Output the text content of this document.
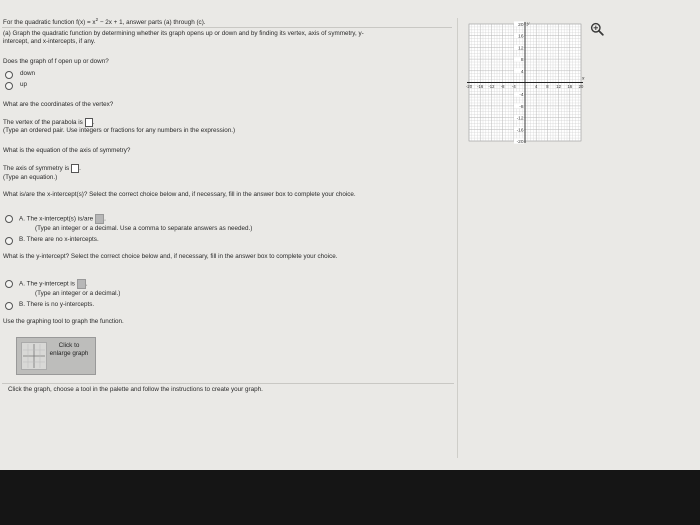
For the quadratic function $f(x) = x^2 - 2x + 1$, answer parts (a) through (c).
(a) Graph the quadratic function by determining whether its graph opens up or down and by finding its vertex, axis of symmetry, y-
intercept, and x-intercepts, if any.
Does the graph of f open up or down?
down
up
What are the coordinates of the vertex?
The vertex of the parabola is .
(Type an ordered pair. Use integers or fractions for any numbers in the expression.)
What is the equation of the axis of symmetry?
The axis of symmetry is .
(Type an equation.)
What is/are the x-intercept(s)? Select the correct choice below and, if necessary, fill in the answer box to complete your choice.
A. The x-intercept(s) is/are .
(Type an integer or a decimal. Use a comma to separate answers as needed.)
B. There are no x-intercepts.
What is the y-intercept? Select the correct choice below and, if necessary, fill in the answer box to complete your choice.
A. The y-intercept is .
(Type an integer or a decimal.)
B. There is no y-intercepts.
Use the graphing tool to graph the function.
Click to enlarge graph
Click the graph, choose a tool in the palette and follow the instructions to create your graph.
20
16
12
8
4
-4
-8
-12
-16
-20
-20 -16 -12 -8 -4	4 8 12 16 20
x
y
